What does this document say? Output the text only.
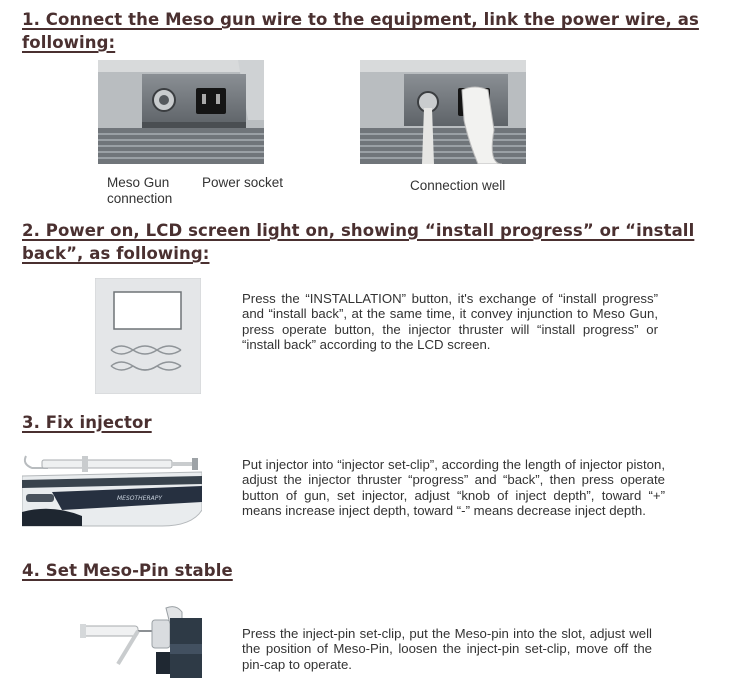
1. Connect the Meso gun wire to the equipment, link the power wire, as following:
Meso Gun connection
Power socket	Connection well
2. Power on, LCD screen light on, showing “install progress” or “install back”, as following:
Press the “INSTALLATION” button, it's exchange of “install progress” and “install back”, at the same time, it convey injunction to Meso Gun, press operate button, the injector thruster will “install progress” or “install back” according to the LCD screen.
3. Fix injector
MESOTHERAPY
Put injector into “injector set-clip”, according the length of injector piston, adjust the injector thruster “progress” and “back”, then press operate button of gun, set injector, adjust “knob of inject depth”, toward “+” means increase inject depth, toward “-” means decrease inject depth.
4. Set Meso-Pin stable
Press the inject-pin set-clip, put the Meso-pin into the slot, adjust well the position of Meso-Pin, loosen the inject-pin set-clip, move off the pin-cap to operate.
